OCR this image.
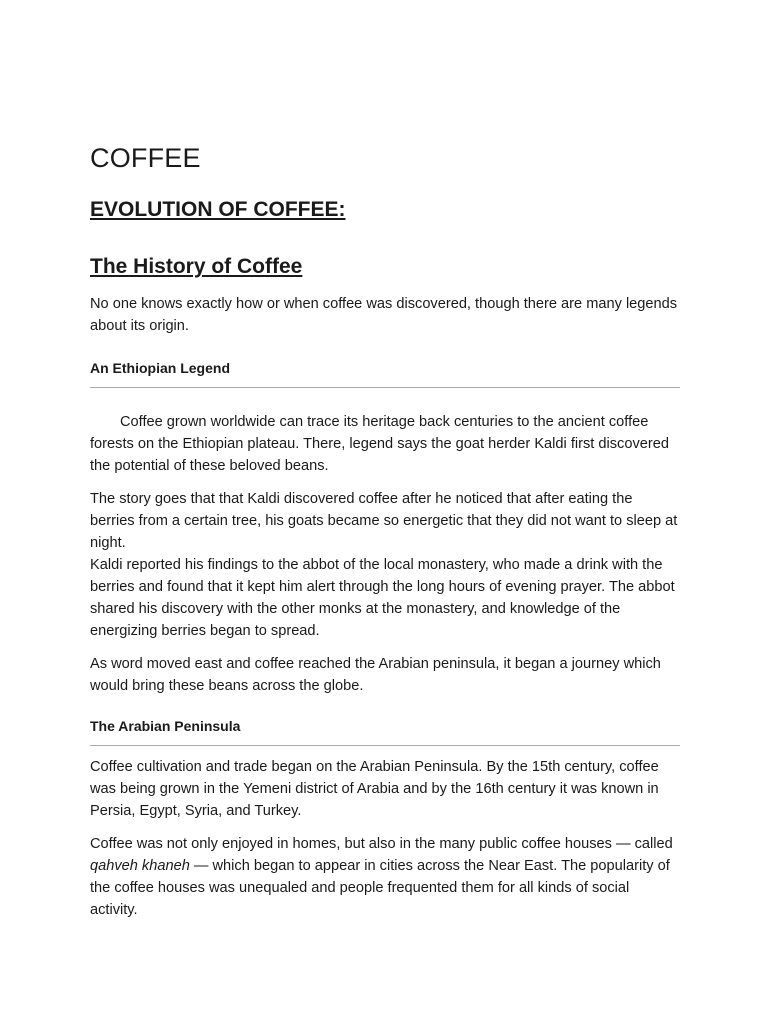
COFFEE
EVOLUTION OF COFFEE:
The History of Coffee

No one knows exactly how or when coffee was discovered, though there are many legends about its origin.

An Ethiopian Legend

Coffee grown worldwide can trace its heritage back centuries to the ancient coffee forests on the Ethiopian plateau. There, legend says the goat herder Kaldi first discovered the potential of these beloved beans.

The story goes that that Kaldi discovered coffee after he noticed that after eating the berries from a certain tree, his goats became so energetic that they did not want to sleep at night.
Kaldi reported his findings to the abbot of the local monastery, who made a drink with the berries and found that it kept him alert through the long hours of evening prayer. The abbot shared his discovery with the other monks at the monastery, and knowledge of the energizing berries began to spread.

As word moved east and coffee reached the Arabian peninsula, it began a journey which would bring these beans across the globe.

The Arabian Peninsula

Coffee cultivation and trade began on the Arabian Peninsula. By the 15th century, coffee was being grown in the Yemeni district of Arabia and by the 16th century it was known in Persia, Egypt, Syria, and Turkey.

Coffee was not only enjoyed in homes, but also in the many public coffee houses — called qahveh khaneh — which began to appear in cities across the Near East. The popularity of the coffee houses was unequaled and people frequented them for all kinds of social activity.
